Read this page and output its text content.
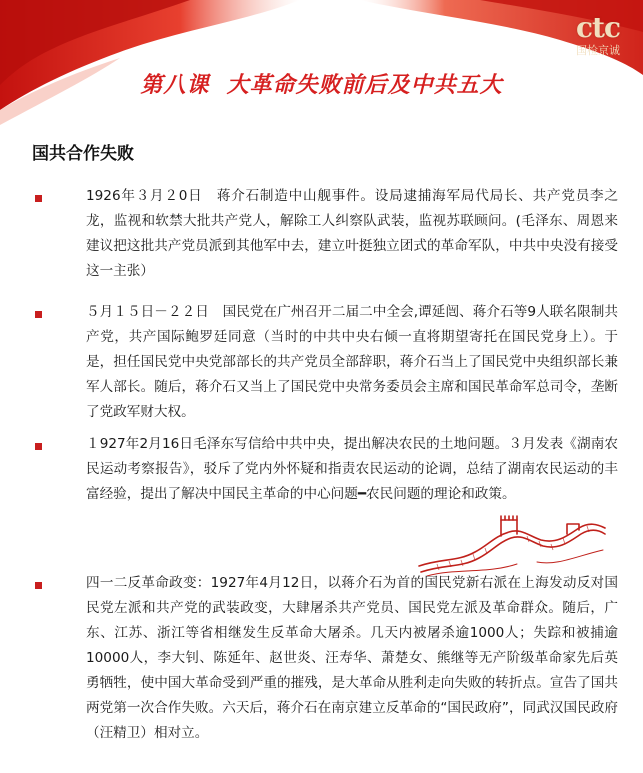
ctc
国检京诚
第八课  大革命失败前后及中共五大
国共合作失败
1926年３月２0日　蒋介石制造中山舰事件。设局逮捕海军局代局长、共产党员李之龙，监视和软禁大批共产党人，解除工人纠察队武装，监视苏联顾问。(毛泽东、周恩来建议把这批共产党员派到其他军中去，建立叶挺独立团式的革命军队，中共中央没有接受这一主张）
５月１５日－２２日　国民党在广州召开二届二中全会,谭延闿、蒋介石等9人联名限制共产党，共产国际鲍罗廷同意（当时的中共中央右倾一直将期望寄托在国民党身上）。于是，担任国民党中央党部部长的共产党员全部辞职，蒋介石当上了国民党中央组织部长兼军人部长。随后，蒋介石又当上了国民党中央常务委员会主席和国民革命军总司令，垄断了党政军财大权。
１927年2月16日毛泽东写信给中共中央，提出解决农民的土地问题。３月发表《湖南农民运动考察报告》，驳斥了党内外怀疑和指责农民运动的论调，总结了湖南农民运动的丰富经验，提出了解决中国民主革命的中心问题━农民问题的理论和政策。
四一二反革命政变：1927年4月12日，以蒋介石为首的国民党新右派在上海发动反对国民党左派和共产党的武装政变，大肆屠杀共产党员、国民党左派及革命群众。随后，广东、江苏、浙江等省相继发生反革命大屠杀。几天内被屠杀逾1000人；失踪和被捕逾10000人，李大钊、陈延年、赵世炎、汪寿华、萧楚女、熊继等无产阶级革命家先后英勇牺牲，使中国大革命受到严重的摧残，是大革命从胜利走向失败的转折点。宣告了国共两党第一次合作失败。六天后，蒋介石在南京建立反革命的“国民政府”，同武汉国民政府（汪精卫）相对立。
